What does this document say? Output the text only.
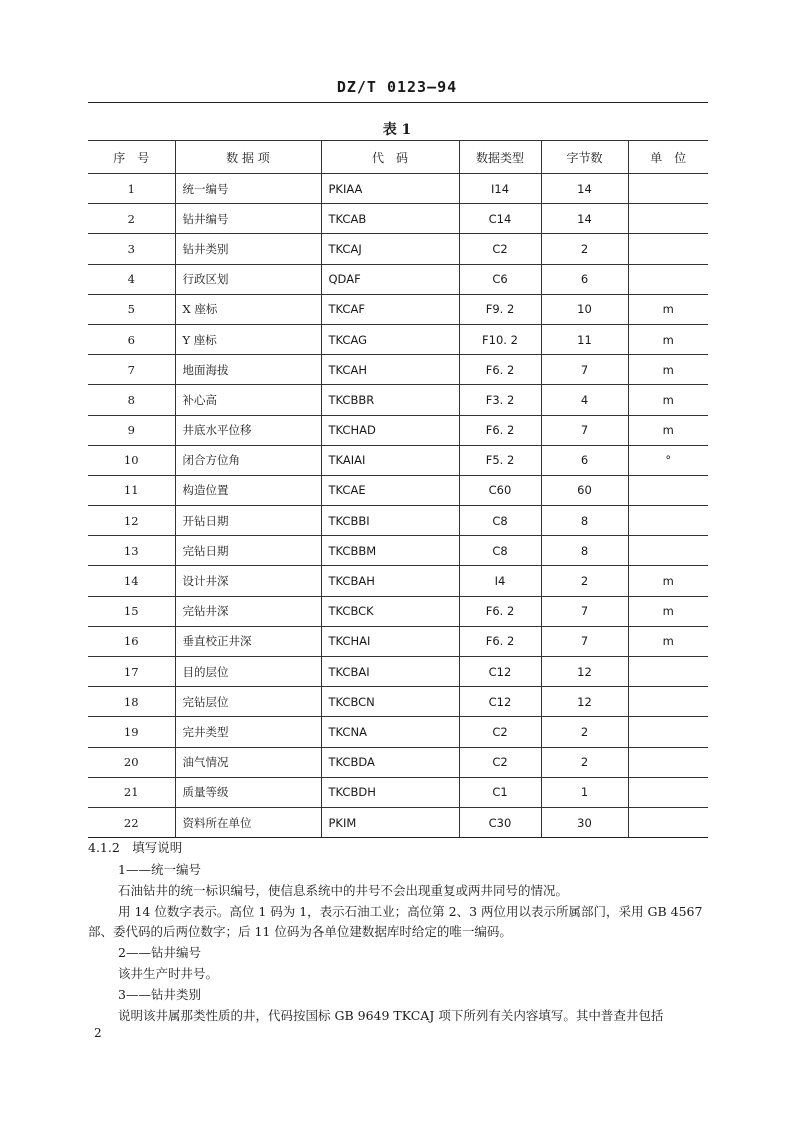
DZ/T 0123—94
表 1
序　号	数 据 项	代　码	数据类型	字节数	单　位
1	统一编号	PKIAA	I14	14	
2	钻井编号	TKCAB	C14	14	
3	钻井类别	TKCAJ	C2	2	
4	行政区划	QDAF	C6	6	
5	X 座标	TKCAF	F9. 2	10	m
6	Y 座标	TKCAG	F10. 2	11	m
7	地面海拔	TKCAH	F6. 2	7	m
8	补心高	TKCBBR	F3. 2	4	m
9	井底水平位移	TKCHAD	F6. 2	7	m
10	闭合方位角	TKAIAI	F5. 2	6	°
11	构造位置	TKCAE	C60	60	
12	开钻日期	TKCBBI	C8	8	
13	完钻日期	TKCBBM	C8	8	
14	设计井深	TKCBAH	I4	2	m
15	完钻井深	TKCBCK	F6. 2	7	m
16	垂直校正井深	TKCHAI	F6. 2	7	m
17	目的层位	TKCBAI	C12	12	
18	完钻层位	TKCBCN	C12	12	
19	完井类型	TKCNA	C2	2	
20	油气情况	TKCBDA	C2	2	
21	质量等级	TKCBDH	C1	1	
22	资料所在单位	PKIM	C30	30	
4.1.2　填写说明
1——统一编号
石油钻井的统一标识编号，使信息系统中的井号不会出现重复或两井同号的情况。
用 14 位数字表示。高位 1 码为 1，表示石油工业；高位第 2、3 两位用以表示所属部门，采用 GB 4567
部、委代码的后两位数字；后 11 位码为各单位建数据库时给定的唯一编码。
2——钻井编号
该井生产时井号。
3——钻井类别
说明该井属那类性质的井，代码按国标 GB 9649 TKCAJ 项下所列有关内容填写。其中普查井包括
2
